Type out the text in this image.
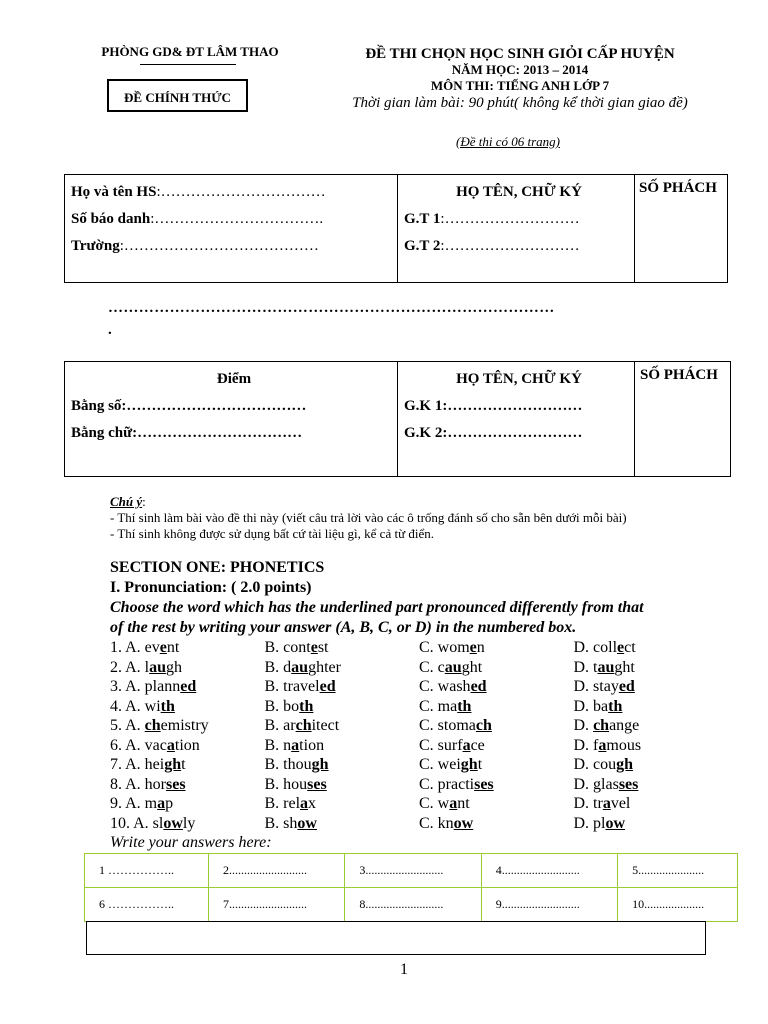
PHÒNG GD& ĐT LÂM THAO
ĐỀ CHÍNH THỨC
ĐỀ THI CHỌN HỌC SINH GIỎI CẤP HUYỆN
NĂM HỌC: 2013 – 2014
MÔN THI: TIẾNG ANH LỚP 7
Thời gian làm bài: 90 phút( không kể thời gian giao đề)
(Đề thi có 06 trang)
Họ và tên HS:……………………………
Số báo danh:…………………………….
Trường:…………………………………

HỌ TÊN, CHỮ KÝ
G.T 1:………………………
G.T 2:………………………

SỐ PHÁCH
……………………………………………………………………………
.
Điểm
Bằng số:………………………………
Bằng chữ:……………………………

HỌ TÊN, CHỮ KÝ
G.K 1:………………………
G.K 2:………………………

SỐ PHÁCH
Chú ý:
- Thí sinh làm bài vào đề thi này (viết câu trả lời vào các ô trống đánh số cho sẵn bên dưới mỗi bài)
- Thí sinh không được sử dụng bất cứ tài liệu gì, kể cả từ điển.
SECTION ONE: PHONETICS
I. Pronunciation: ( 2.0 points)
Choose the word which has the underlined part pronounced differently from that
of the rest by writing your answer (A, B, C, or D) in the numbered box.
1. A. event	B. contest	C. women	D. collect
2. A. laugh	B. daughter	C. caught	D. taught
3. A. planned	B. traveled	C. washed	D. stayed
4. A. with	B. both	C. math	D. bath
5. A. chemistry	B. architect	C. stomach	D. change
6. A. vacation	B. nation	C. surface	D. famous
7. A. height	B. though	C. weight	D. cough
8. A. horses	B. houses	C. practises	D. glasses
9. A. map	B. relax	C. want	D. travel
10. A. slowly	B. show	C. know	D. plow
Write your answers here:
1 ……………..	2..........................	3..........................	4..........................	5......................
6 ……………..	7..........................	8..........................	9..........................	10....................
1
